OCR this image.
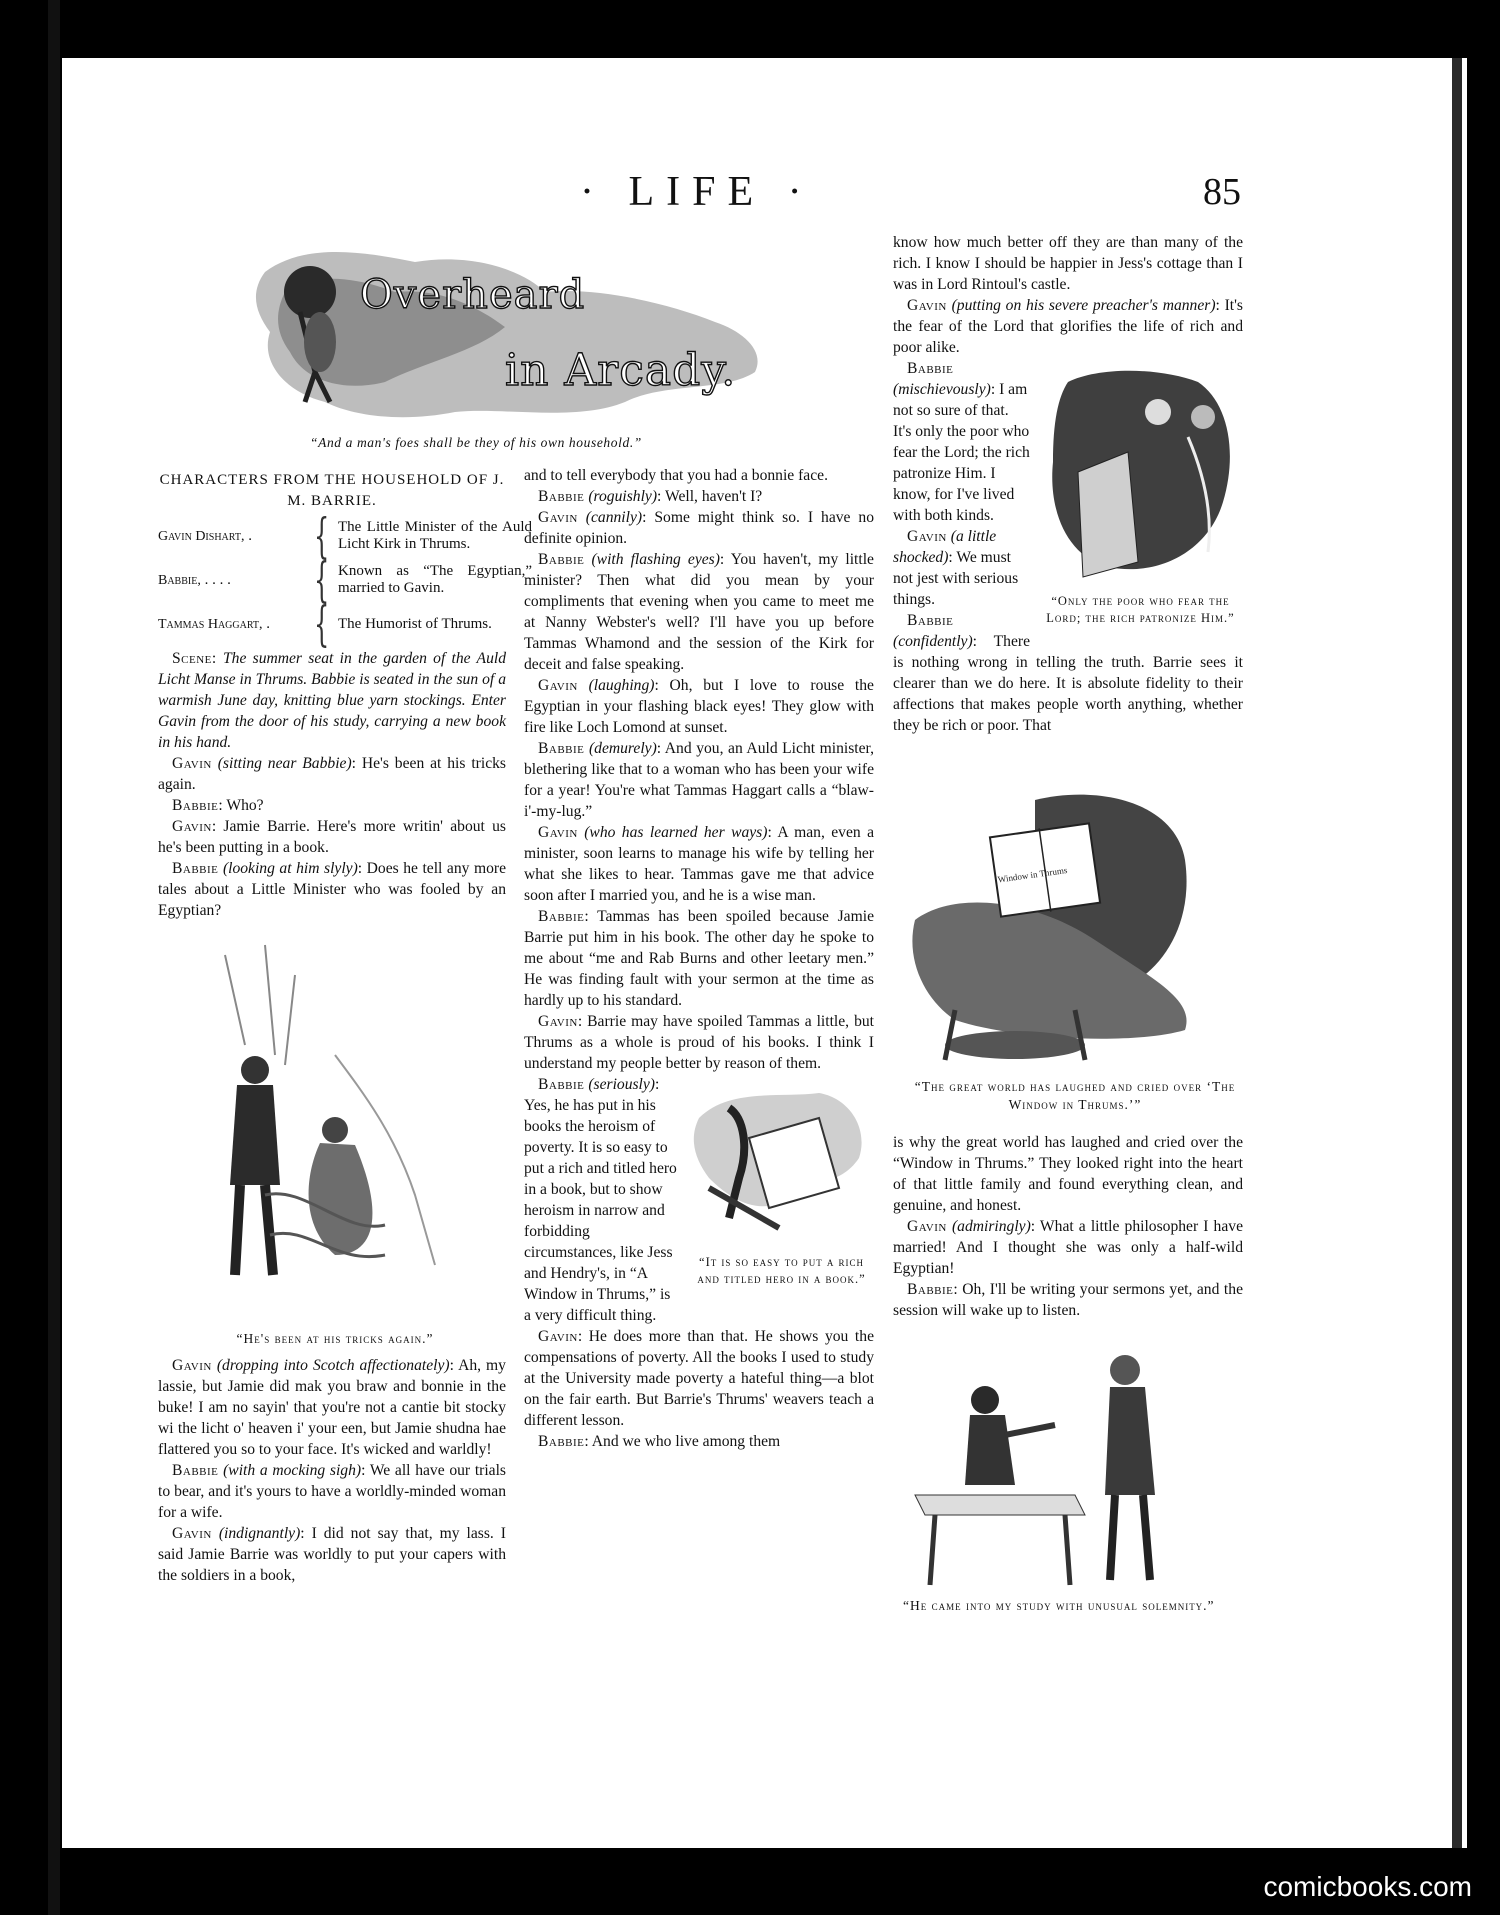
· LIFE ·	85
Overheard
in Arcady.
“And a man's foes shall be they of his own household.”
CHARACTERS FROM THE HOUSEHOLD OF J. M. BARRIE.
Gavin Dishart, .	{ The Little Minister of the Auld Licht Kirk in Thrums.
Babbie, . . . .	{ Known as “The Egyptian,” married to Gavin.
Tammas Haggart, . { The Humorist of Thrums.

Scene: The summer seat in the garden of the Auld Licht Manse in Thrums. Babbie is seated in the sun of a warmish June day, knitting blue yarn stockings. Enter Gavin from the door of his study, carrying a new book in his hand.

Gavin (sitting near Babbie): He's been at his tricks again.

Babbie: Who?

Gavin: Jamie Barrie. Here's more writin' about us he's been putting in a book.

Babbie (looking at him slyly): Does he tell any more tales about a Little Minister who was fooled by an Egyptian?

“He's been at his tricks again.”

Gavin (dropping into Scotch affectionately): Ah, my lassie, but Jamie did mak you braw and bonnie in the buke! I am no sayin' that you're not a cantie bit stocky wi the licht o' heaven i' your een, but Jamie shudna hae flattered you so to your face. It's wicked and warldly!

Babbie (with a mocking sigh): We all have our trials to bear, and it's yours to have a worldly-minded woman for a wife.

Gavin (indignantly): I did not say that, my lass. I said Jamie Barrie was worldly to put your capers with the soldiers in a book,

and to tell everybody that you had a bonnie face.

Babbie (roguishly): Well, haven't I?

Gavin (cannily): Some might think so. I have no definite opinion.

Babbie (with flashing eyes): You haven't, my little minister? Then what did you mean by your compliments that evening when you came to meet me at Nanny Webster's well? I'll have you up before Tammas Whamond and the session of the Kirk for deceit and false speaking.

Gavin (laughing): Oh, but I love to rouse the Egyptian in your flashing black eyes! They glow with fire like Loch Lomond at sunset.

Babbie (demurely): And you, an Auld Licht minister, blethering like that to a woman who has been your wife for a year! You're what Tammas Haggart calls a “blaw-i'-my-lug.”

Gavin (who has learned her ways): A man, even a minister, soon learns to manage his wife by telling her what she likes to hear. Tammas gave me that advice soon after I married you, and he is a wise man.

Babbie: Tammas has been spoiled because Jamie Barrie put him in his book. The other day he spoke to me about “me and Rab Burns and other leetary men.” He was finding fault with your sermon at the time as hardly up to his standard.

Gavin: Barrie may have spoiled Tammas a little, but Thrums as a whole is proud of his books. I think I understand my people better by reason of them.

“It is so easy to put a rich and titled hero in a book.”

Babbie (seriously): Yes, he has put in his books the heroism of poverty. It is so easy to put a rich and titled hero in a book, but to show heroism in narrow and forbidding circumstances, like Jess and Hendry's, in “A Window in Thrums,” is a very difficult thing.

Gavin: He does more than that. He shows you the compensations of poverty. All the books I used to study at the University made poverty a hateful thing—a blot on the fair earth. But Barrie's Thrums' weavers teach a different lesson.

Babbie: And we who live among them

know how much better off they are than many of the rich. I know I should be happier in Jess's cottage than I was in Lord Rintoul's castle.

Gavin (putting on his severe preacher's manner): It's the fear of the Lord that glorifies the life of rich and poor alike.

“Only the poor who fear the Lord; the rich patronize Him.”

Babbie (mischievously): I am not so sure of that. It's only the poor who fear the Lord; the rich patronize Him. I know, for I've lived with both kinds.

Gavin (a little shocked): We must not jest with serious things.

Babbie (confidently): There is nothing wrong in telling the truth. Barrie sees it clearer than we do here. It is absolute fidelity to their affections that makes people worth anything, whether they be rich or poor. That

Window in Thrums
“The great world has laughed and cried over ‘The Window in Thrums.’”

is why the great world has laughed and cried over the “Window in Thrums.” They looked right into the heart of that little family and found everything clean, and genuine, and honest.

Gavin (admiringly): What a little philosopher I have married! And I thought she was only a half-wild Egyptian!

Babbie: Oh, I'll be writing your sermons yet, and the session will wake up to listen.

“He came into my study with unusual solemnity.”
comicbooks.com
